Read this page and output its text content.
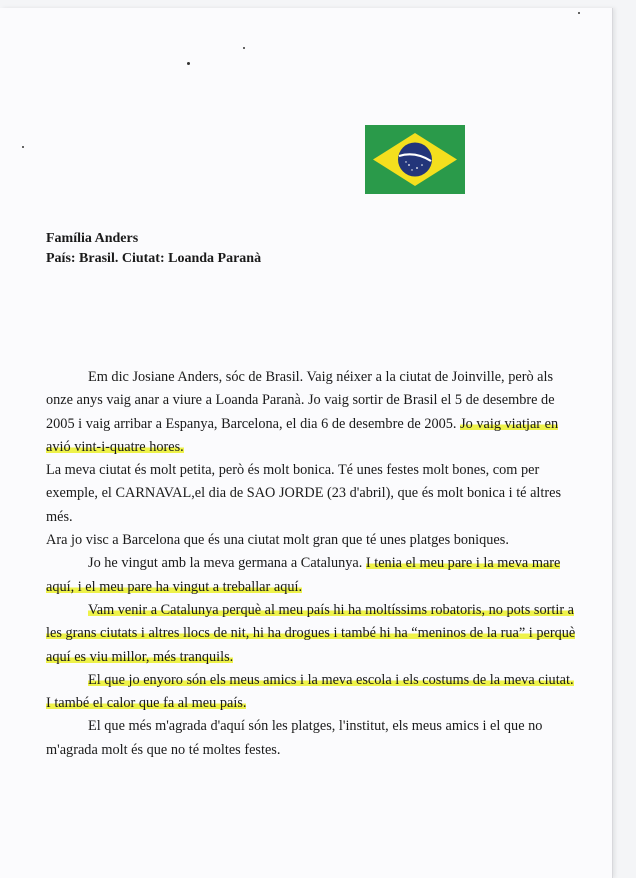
Família Anders
País: Brasil. Ciutat: Loanda Paranà

Em dic Josiane Anders, sóc de Brasil. Vaig néixer a la ciutat de Joinville, però als onze anys vaig anar a viure a Loanda Paranà. Jo vaig sortir de Brasil el 5 de desembre de 2005 i vaig arribar a Espanya, Barcelona, el dia 6 de desembre de 2005. Jo vaig viatjar en avió vint-i-quatre hores.

La meva ciutat és molt petita, però és molt bonica. Té unes festes molt bones, com per exemple, el CARNAVAL,el dia de SAO JORDE (23 d'abril), que és molt bonica i té altres més.

Ara jo visc a Barcelona que és una ciutat molt gran que té unes platges boniques.

Jo he vingut amb la meva germana a Catalunya. I tenia el meu pare i la meva mare aquí, i el meu pare ha vingut a treballar aquí.

Vam venir a Catalunya perquè al meu país hi ha moltíssims robatoris, no pots sortir a les grans ciutats i altres llocs de nit, hi ha drogues i també hi ha “meninos de la rua” i perquè aquí es viu millor, més tranquils.

El que jo enyoro són els meus amics i la meva escola i els costums de la meva ciutat. I també el calor que fa al meu país.

El que més m'agrada d'aquí són les platges, l'institut, els meus amics i el que no m'agrada molt és que no té moltes festes.
